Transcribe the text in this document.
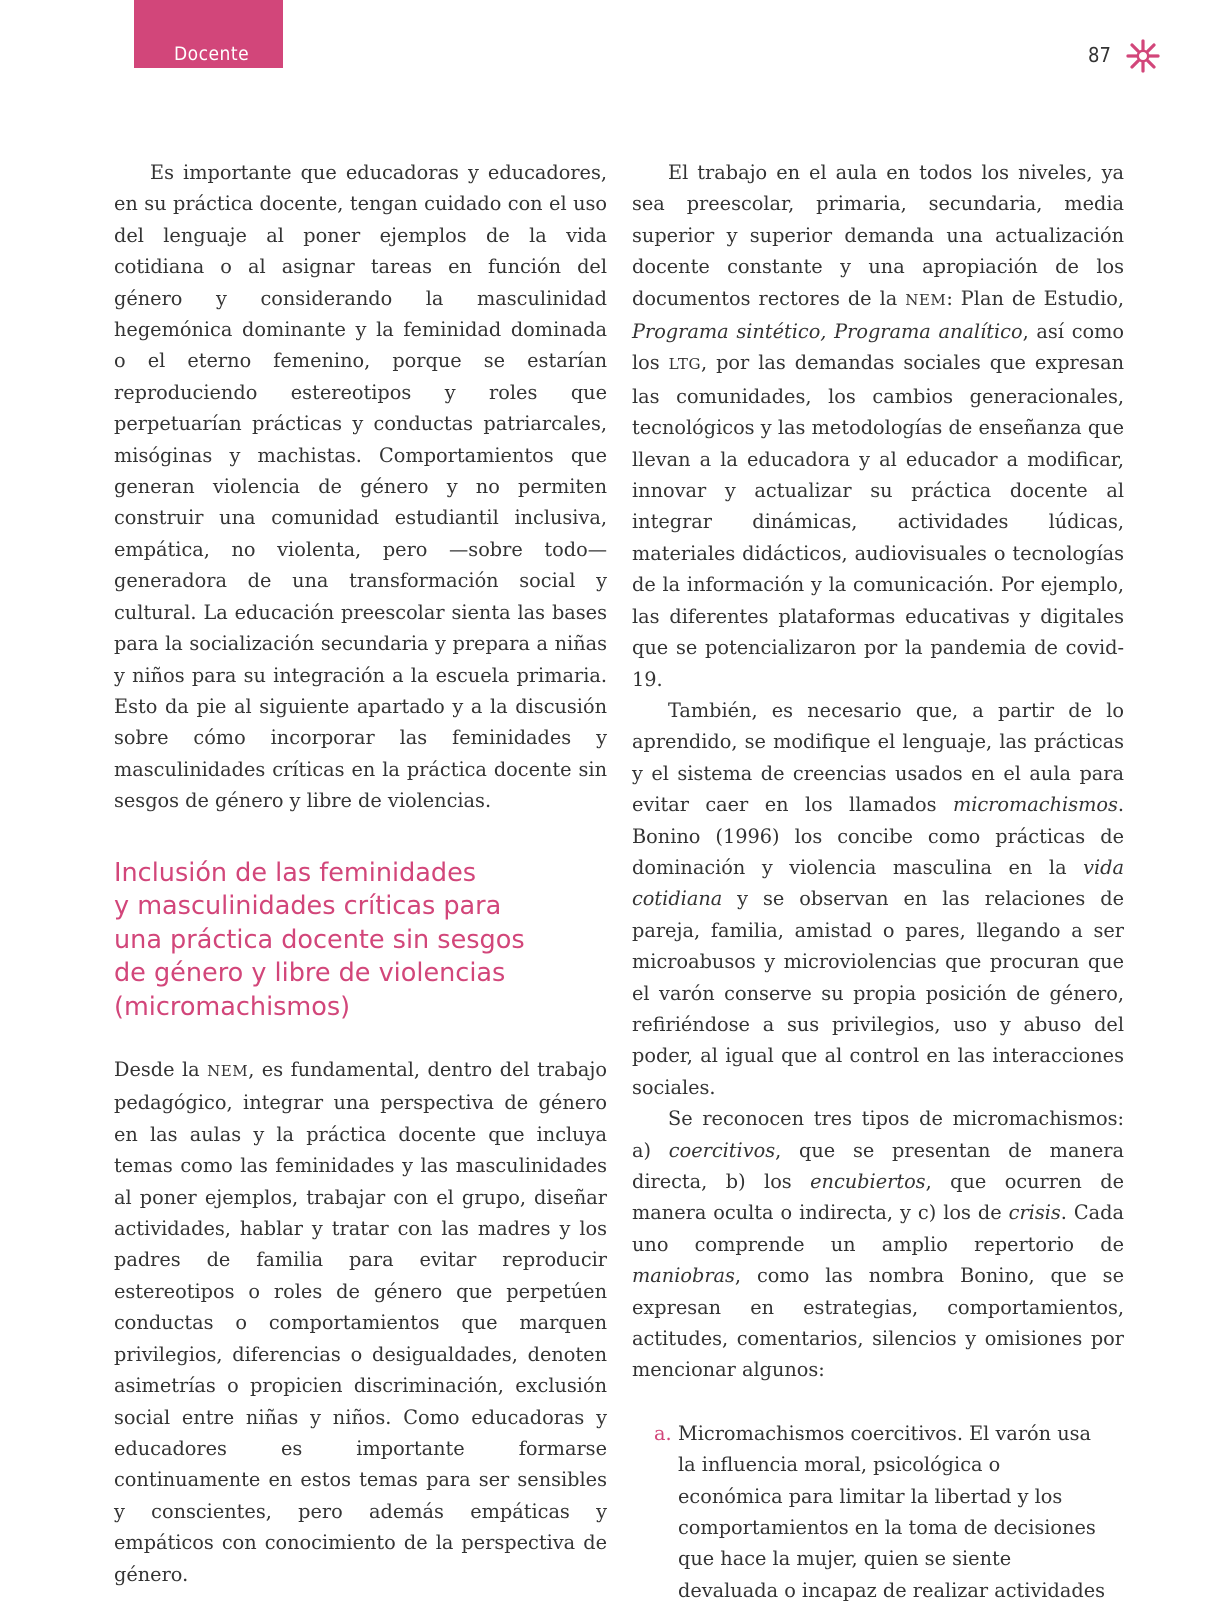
Docente	87

Es importante que educadoras y educadores, en su práctica docente, tengan cuidado con el uso del lenguaje al poner ejemplos de la vida cotidiana o al asignar tareas en función del género y considerando la masculinidad hegemónica dominante y la feminidad dominada o el eterno femenino, porque se estarían reproduciendo estereotipos y roles que perpetuarían prácticas y conductas patriarcales, misóginas y machistas. Comportamientos que generan violencia de género y no permiten construir una comunidad estudiantil inclusiva, empática, no violenta, pero —sobre todo— generadora de una transformación social y cultural. La educación preescolar sienta las bases para la socialización secundaria y prepara a niñas y niños para su integración a la escuela primaria. Esto da pie al siguiente apartado y a la discusión sobre cómo incorporar las feminidades y masculinidades críticas en la práctica docente sin sesgos de género y libre de violencias.

Inclusión de las feminidades
y masculinidades críticas para
una práctica docente sin sesgos
de género y libre de violencias
(micromachismos)

Desde la NEM, es fundamental, dentro del trabajo pedagógico, integrar una perspectiva de género en las aulas y la práctica docente que incluya temas como las feminidades y las masculinidades al poner ejemplos, trabajar con el grupo, diseñar actividades, hablar y tratar con las madres y los padres de familia para evitar reproducir estereotipos o roles de género que perpetúen conductas o comportamientos que marquen privilegios, diferencias o desigualdades, denoten asimetrías o propicien discriminación, exclusión social entre niñas y niños. Como educadoras y educadores es importante formarse continuamente en estos temas para ser sensibles y conscientes, pero además empáticas y empáticos con conocimiento de la perspectiva de género.

El trabajo en el aula en todos los niveles, ya sea preescolar, primaria, secundaria, media superior y superior demanda una actualización docente constante y una apropiación de los documentos rectores de la NEM: Plan de Estudio, Programa sintético, Programa analítico, así como los LTG, por las demandas sociales que expresan las comunidades, los cambios generacionales, tecnológicos y las metodologías de enseñanza que llevan a la educadora y al educador a modificar, innovar y actualizar su práctica docente al integrar dinámicas, actividades lúdicas, materiales didácticos, audiovisuales o tecnologías de la información y la comunicación. Por ejemplo, las diferentes plataformas educativas y digitales que se potencializaron por la pandemia de covid-19.

También, es necesario que, a partir de lo aprendido, se modifique el lenguaje, las prácticas y el sistema de creencias usados en el aula para evitar caer en los llamados micromachismos. Bonino (1996) los concibe como prácticas de dominación y violencia masculina en la vida cotidiana y se observan en las relaciones de pareja, familia, amistad o pares, llegando a ser microabusos y microviolencias que procuran que el varón conserve su propia posición de género, refiriéndose a sus privilegios, uso y abuso del poder, al igual que al control en las interacciones sociales.

Se reconocen tres tipos de micromachismos: a) coercitivos, que se presentan de manera directa, b) los encubiertos, que ocurren de manera oculta o indirecta, y c) los de crisis. Cada uno comprende un amplio repertorio de maniobras, como las nombra Bonino, que se expresan en estrategias, comportamientos, actitudes, comentarios, silencios y omisiones por mencionar algunos:

a. Micromachismos coercitivos. El varón usa la influencia moral, psicológica o económica para limitar la libertad y los comportamientos en la toma de decisiones que hace la mujer, quien se siente devaluada o incapaz de realizar actividades
